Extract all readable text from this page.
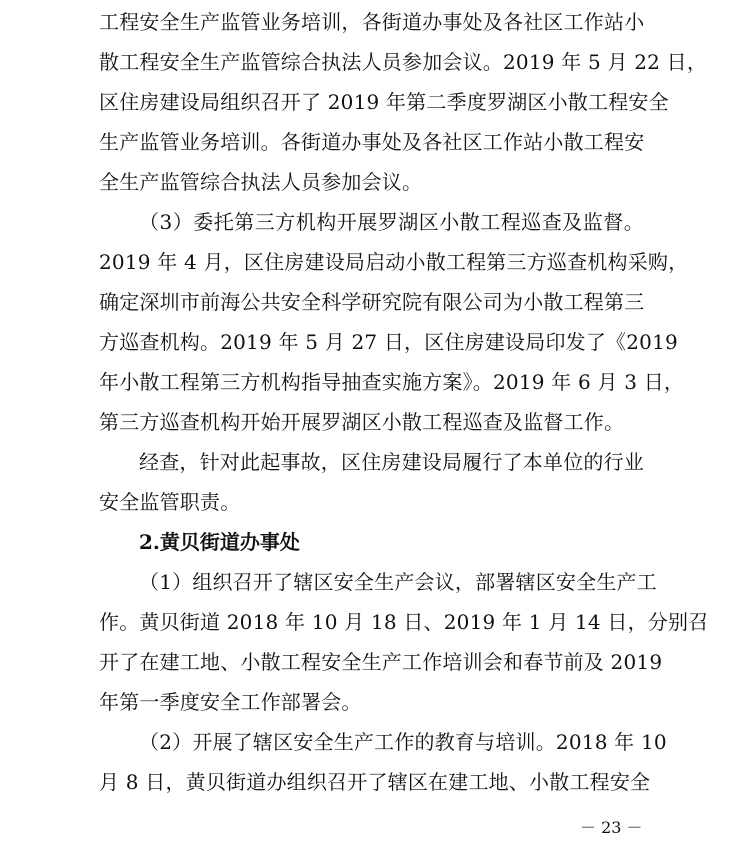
工程安全生产监管业务培训，各街道办事处及各社区工作站小
散工程安全生产监管综合执法人员参加会议。2019 年 5 月 22 日，
区住房建设局组织召开了 2019 年第二季度罗湖区小散工程安全
生产监管业务培训。各街道办事处及各社区工作站小散工程安
全生产监管综合执法人员参加会议。
（3）委托第三方机构开展罗湖区小散工程巡查及监督。
2019 年 4 月，区住房建设局启动小散工程第三方巡查机构采购，
确定深圳市前海公共安全科学研究院有限公司为小散工程第三
方巡查机构。2019 年 5 月 27 日，区住房建设局印发了《2019
年小散工程第三方机构指导抽查实施方案》。2019 年 6 月 3 日，
第三方巡查机构开始开展罗湖区小散工程巡查及监督工作。
经查，针对此起事故，区住房建设局履行了本单位的行业
安全监管职责。
2.黄贝街道办事处
（1）组织召开了辖区安全生产会议，部署辖区安全生产工
作。黄贝街道 2018 年 10 月 18 日、2019 年 1 月 14 日，分别召
开了在建工地、小散工程安全生产工作培训会和春节前及 2019
年第一季度安全工作部署会。
（2）开展了辖区安全生产工作的教育与培训。2018 年 10
月 8 日，黄贝街道办组织召开了辖区在建工地、小散工程安全
－ 23 －
